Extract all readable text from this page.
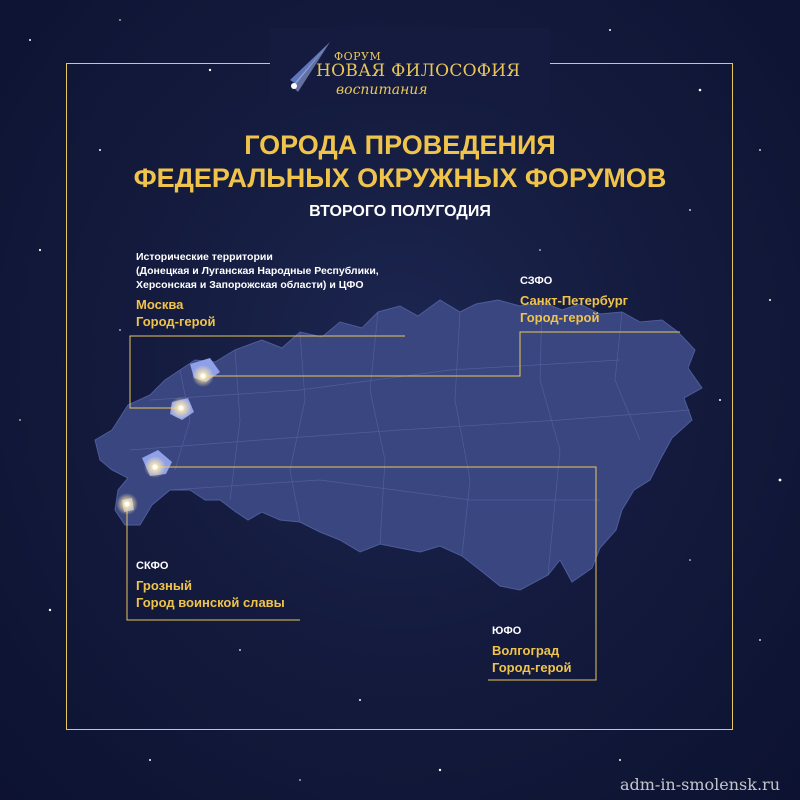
ФОРУМ
НОВАЯ ФИЛОСОФИЯ
воспитания
ГОРОДА ПРОВЕДЕНИЯ
ФЕДЕРАЛЬНЫХ ОКРУЖНЫХ ФОРУМОВ
ВТОРОГО ПОЛУГОДИЯ
Исторические территории
(Донецкая и Луганская Народные Республики,
Херсонская и Запорожская области) и ЦФО
Москва
Город-герой
СЗФО
Санкт-Петербург
Город-герой
СКФО
Грозный
Город воинской славы
ЮФО
Волгоград
Город-герой
adm-in-smolensk.ru
